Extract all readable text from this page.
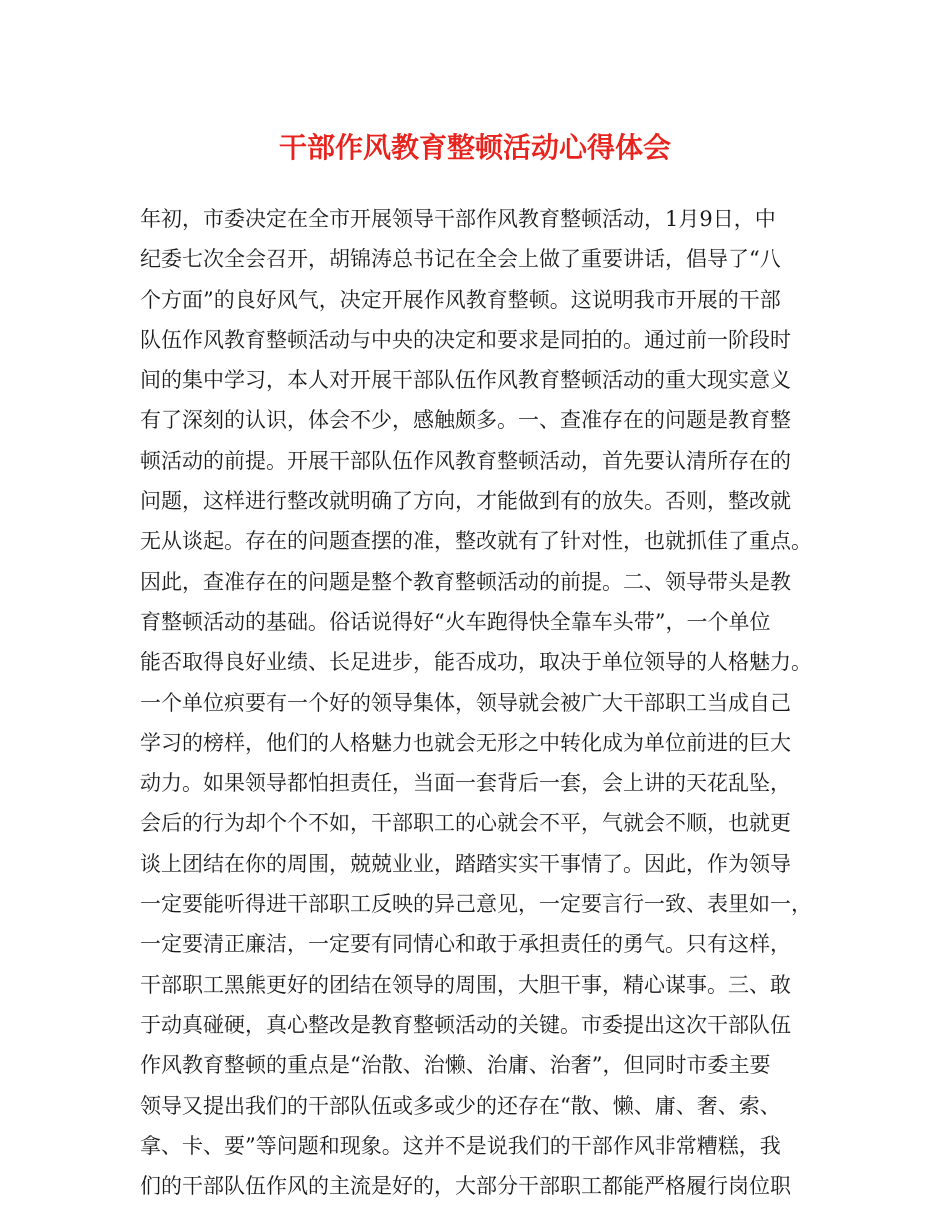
干部作风教育整顿活动心得体会
年初，市委决定在全市开展领导干部作风教育整顿活动，1月9日，中
纪委七次全会召开，胡锦涛总书记在全会上做了重要讲话，倡导了“八
个方面”的良好风气，决定开展作风教育整顿。这说明我市开展的干部
队伍作风教育整顿活动与中央的决定和要求是同拍的。通过前一阶段时
间的集中学习，本人对开展干部队伍作风教育整顿活动的重大现实意义
有了深刻的认识，体会不少，感触颇多。一、查准存在的问题是教育整
顿活动的前提。开展干部队伍作风教育整顿活动，首先要认清所存在的
问题，这样进行整改就明确了方向，才能做到有的放失。否则，整改就
无从谈起。存在的问题查摆的准，整改就有了针对性，也就抓佳了重点。
因此，查准存在的问题是整个教育整顿活动的前提。二、领导带头是教
育整顿活动的基础。俗话说得好“火车跑得快全靠车头带”，一个单位
能否取得良好业绩、长足进步，能否成功，取决于单位领导的人格魅力。
一个单位疻要有一个好的领导集体，领导就会被广大干部职工当成自己
学习的榜样，他们的人格魅力也就会无形之中转化成为单位前进的巨大
动力。如果领导都怕担责任，当面一套背后一套，会上讲的天花乱坠，
会后的行为却个个不如，干部职工的心就会不平，气就会不顺，也就更
谈上团结在你的周围，兢兢业业，踏踏实实干事情了。因此，作为领导
一定要能听得进干部职工反映的异己意见，一定要言行一致、表里如一，
一定要清正廉洁，一定要有同情心和敢于承担责任的勇气。只有这样，
干部职工黑熊更好的团结在领导的周围，大胆干事，精心谋事。三、敢
于动真碰硬，真心整改是教育整顿活动的关键。市委提出这次干部队伍
作风教育整顿的重点是“治散、治懒、治庸、治奢”，但同时市委主要
领导又提出我们的干部队伍或多或少的还存在“散、懒、庸、奢、索、
拿、卡、要”等问题和现象。这并不是说我们的干部作风非常糟糕，我
们的干部队伍作风的主流是好的，大部分干部职工都能严格履行岗位职
